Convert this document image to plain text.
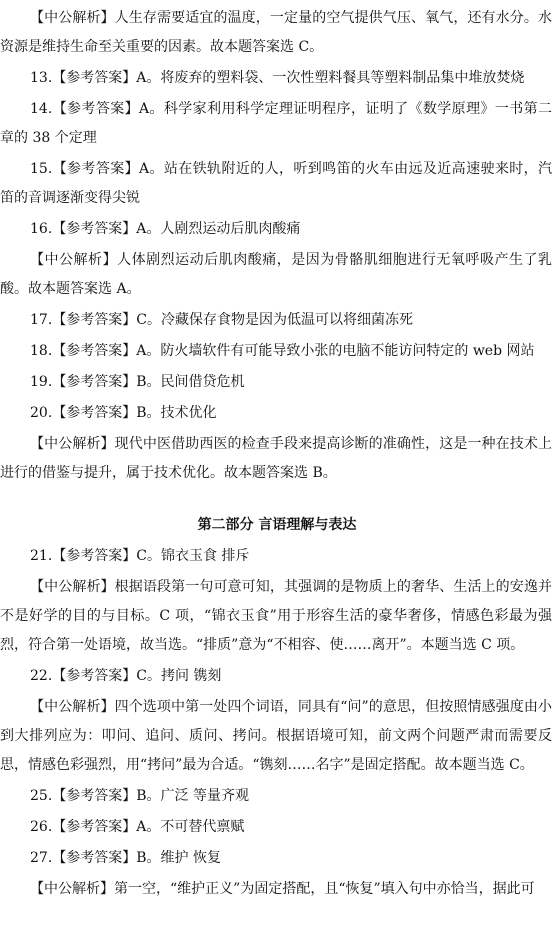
【中公解析】人生存需要适宜的温度，一定量的空气提供气压、氧气，还有水分。水资源是维持生命至关重要的因素。故本题答案选 C。

13.【参考答案】A。将废弃的塑料袋、一次性塑料餐具等塑料制品集中堆放焚烧

14.【参考答案】A。科学家利用科学定理证明程序，证明了《数学原理》一书第二章的 38 个定理

15.【参考答案】A。站在铁轨附近的人，听到鸣笛的火车由远及近高速驶来时，汽笛的音调逐渐变得尖锐

16.【参考答案】A。人剧烈运动后肌肉酸痛

【中公解析】人体剧烈运动后肌肉酸痛，是因为骨骼肌细胞进行无氧呼吸产生了乳酸。故本题答案选 A。

17.【参考答案】C。冷藏保存食物是因为低温可以将细菌冻死

18.【参考答案】A。防火墙软件有可能导致小张的电脑不能访问特定的 web 网站

19.【参考答案】B。民间借贷危机

20.【参考答案】B。技术优化

【中公解析】现代中医借助西医的检查手段来提高诊断的准确性，这是一种在技术上进行的借鉴与提升，属于技术优化。故本题答案选 B。

第二部分 言语理解与表达

21.【参考答案】C。锦衣玉食 排斥

【中公解析】根据语段第一句可意可知，其强调的是物质上的奢华、生活上的安逸并不是好学的目的与目标。C 项，“锦衣玉食”用于形容生活的豪华奢侈，情感色彩最为强烈，符合第一处语境，故当选。“排质”意为“不相容、使……离开”。本题当选 C 项。

22.【参考答案】C。拷问 镌刻

【中公解析】四个选项中第一处四个词语，同具有“问”的意思，但按照情感强度由小到大排列应为：叩问、追问、质问、拷问。根据语境可知，前文两个问题严肃而需要反思，情感色彩强烈，用“拷问”最为合适。“镌刻……名字”是固定搭配。故本题当选 C。

25.【参考答案】B。广泛 等量齐观

26.【参考答案】A。不可替代禀赋

27.【参考答案】B。维护 恢复

【中公解析】第一空，“维护正义”为固定搭配，且“恢复”填入句中亦恰当，据此可
